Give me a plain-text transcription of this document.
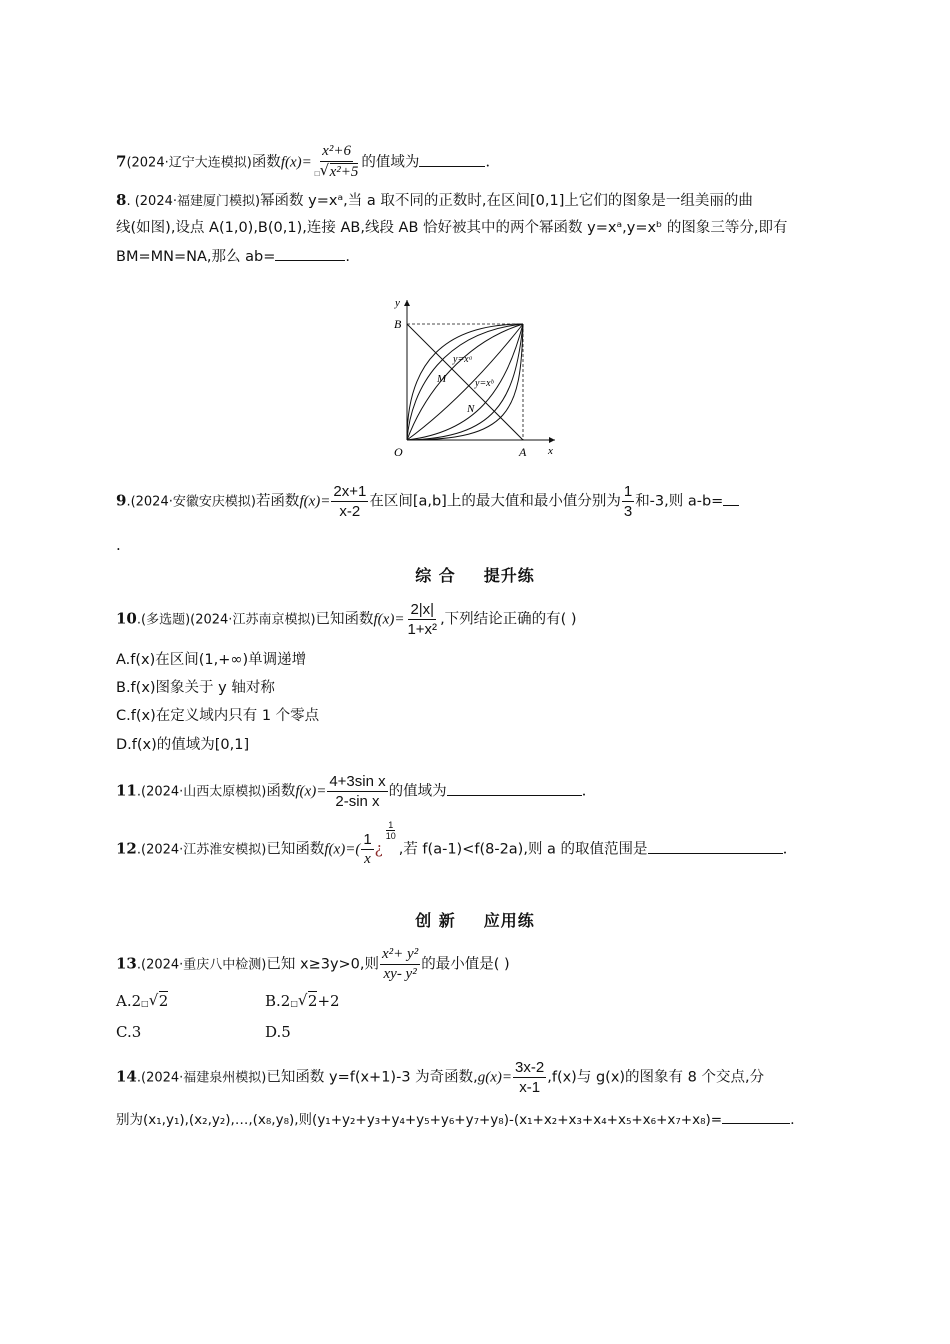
7(2024·辽宁大连模拟)函数$f(x)= \frac{\text{x²+6}}{\text{□ √ x²+5}}$ 的值域为	.
8. (2024·福建厦门模拟)幂函数 y=xᵃ,当 a 取不同的正数时,在区间[0,1]上它们的图象是一组美丽的曲
线(如图),设点 A(1,0),B(0,1),连接 AB,线段 AB 恰好被其中的两个幂函数 y=xᵃ,y=xᵇ 的图象三等分,即有
BM=MN=NA,那么 ab=	.
y
x
O	A
B
M
N
y=xᵃ
y=xᵇ
9.(2024·安徽安庆模拟)若函数$f(x)= \frac{2x+1}{x-2}$ 在区间[a,b]上的最大值和最小值分别为 $\frac{1}{3}$ 和-3,则 a-b=
.
综 合 提升练
10.(多选题)(2024·江苏南京模拟)已知函数$f(x)= \frac{2|x|}{\text{1+x²}}$ ,下列结论正确的有( )
A.f(x)在区间(1,+∞)单调递增
B.f(x)图象关于 y 轴对称
C.f(x)在定义域内只有 1 个零点
D.f(x)的值域为[0,1]
11.(2024·山西太原模拟)函数$f(x)= \frac{\text{4+3sin x}}{\text{2-sin x}}$ 的值域为	.
12.(2024·江苏淮安模拟)已知函数$f(x)=( \frac{1}{x}$ ¿
$\frac{1}{10}$
,若 f(a-1)<f(8-2a),则 a 的取值范围是	.
创 新 应用练
13.(2024·重庆八中检测)已知 x≥3y>0,则 $\frac{\text{x²+ y²}}{\text{xy- y²}}$ 的最小值是( )
A.2□ √ 2	B.2□ √ 2+2
C.3	D.5
14.(2024·福建泉州模拟)已知函数 y=f(x+1)-3 为奇函数$,g(x)= \frac{3x-2}{x-1} ,f(x)$与 g(x)的图象有 8 个交点,分
别为(x₁,y₁),(x₂,y₂),…,(x₈,y₈),则(y₁+y₂+y₃+y₄+y₅+y₆+y₇+y₈)-(x₁+x₂+x₃+x₄+x₅+x₆+x₇+x₈)=	.
